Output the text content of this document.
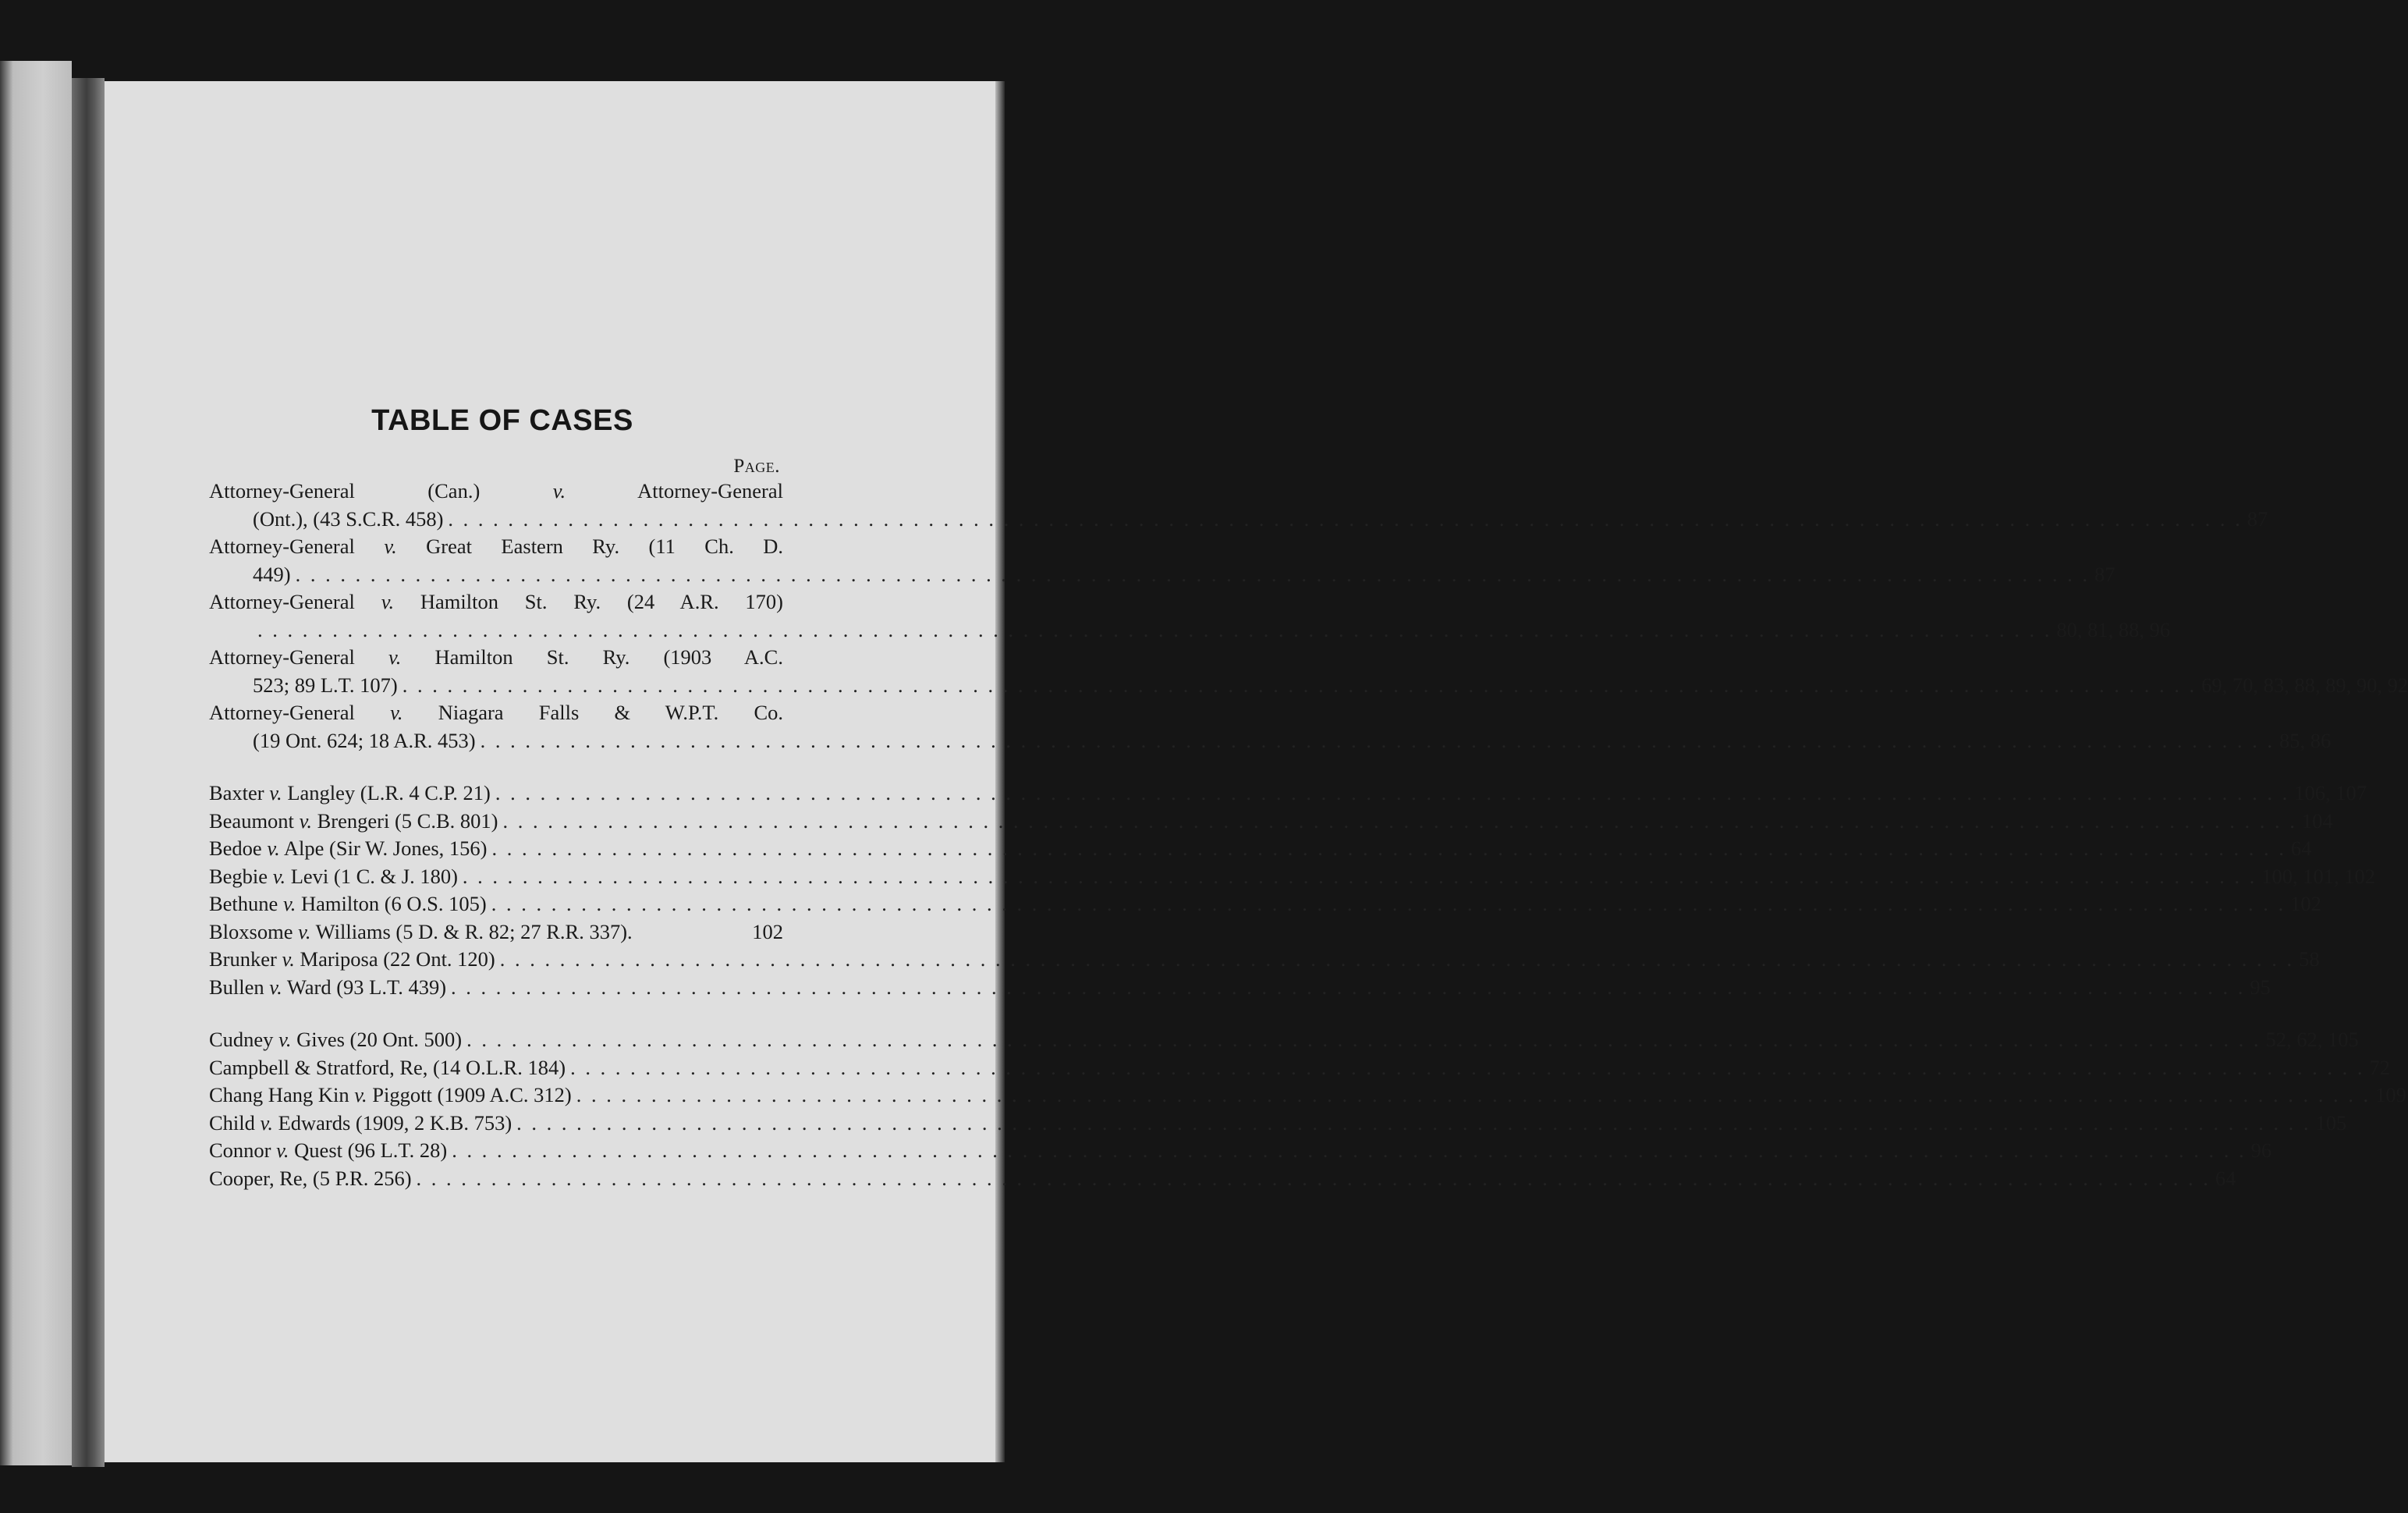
TABLE OF CASES
Page.
Attorney-General (Can.) v. Attorney-General
(Ont.), (43 S.C.R. 458) . . . . . . . . . . . . . . . . . . . . . . . . . . . . . . . . . . . . . . . . . . . . . . . . . . . . . . . . . . . . . . . . . . . . . . . . . . . . . . . . . . . . . . . . . . . . . . . . . . . . . . . . . . . . . . . . . . . . . . . . 87
Attorney-General v. Great Eastern Ry. (11 Ch. D.
449) . . . . . . . . . . . . . . . . . . . . . . . . . . . . . . . . . . . . . . . . . . . . . . . . . . . . . . . . . . . . . . . . . . . . . . . . . . . . . . . . . . . . . . . . . . . . . . . . . . . . . . . . . . . . . . . . . . . . . . . . 87
Attorney-General v. Hamilton St. Ry. (24 A.R. 170)
. . . . . . . . . . . . . . . . . . . . . . . . . . . . . . . . . . . . . . . . . . . . . . . . . . . . . . . . . . . . . . . . . . . . . . . . . . . . . . . . . . . . . . . . . . . . . . . . . . . . . . . . . . . . . . . . . . . . . . . . 80, 81, 88, 96
Attorney-General v. Hamilton St. Ry. (1903 A.C.
523; 89 L.T. 107) . . . . . . . . . . . . . . . . . . . . . . . . . . . . . . . . . . . . . . . . . . . . . . . . . . . . . . . . . . . . . . . . . . . . . . . . . . . . . . . . . . . . . . . . . . . . . . . . . . . . . . . . . . . . . . . . . . . . . . . . 69, 70, 83, 88, 89, 90, 92
Attorney-General v. Niagara Falls & W.P.T. Co.
(19 Ont. 624; 18 A.R. 453) . . . . . . . . . . . . . . . . . . . . . . . . . . . . . . . . . . . . . . . . . . . . . . . . . . . . . . . . . . . . . . . . . . . . . . . . . . . . . . . . . . . . . . . . . . . . . . . . . . . . . . . . . . . . . . . . . . . . . . . . 85, 86
Baxter v. Langley (L.R. 4 C.P. 21) . . . . . . . . . . . . . . . . . . . . . . . . . . . . . . . . . . . . . . . . . . . . . . . . . . . . . . . . . . . . . . . . . . . . . . . . . . . . . . . . . . . . . . . . . . . . . . . . . . . . . . . . . . . . . . . . . . . . . . . . 106, 107
Beaumont v. Brengeri (5 C.B. 801) . . . . . . . . . . . . . . . . . . . . . . . . . . . . . . . . . . . . . . . . . . . . . . . . . . . . . . . . . . . . . . . . . . . . . . . . . . . . . . . . . . . . . . . . . . . . . . . . . . . . . . . . . . . . . . . . . . . . . . . . 104
Bedoe v. Alpe (Sir W. Jones, 156) . . . . . . . . . . . . . . . . . . . . . . . . . . . . . . . . . . . . . . . . . . . . . . . . . . . . . . . . . . . . . . . . . . . . . . . . . . . . . . . . . . . . . . . . . . . . . . . . . . . . . . . . . . . . . . . . . . . . . . . . 64
Begbie v. Levi (1 C. & J. 180) . . . . . . . . . . . . . . . . . . . . . . . . . . . . . . . . . . . . . . . . . . . . . . . . . . . . . . . . . . . . . . . . . . . . . . . . . . . . . . . . . . . . . . . . . . . . . . . . . . . . . . . . . . . . . . . . . . . . . . . . 100, 101, 102
Bethune v. Hamilton (6 O.S. 105) . . . . . . . . . . . . . . . . . . . . . . . . . . . . . . . . . . . . . . . . . . . . . . . . . . . . . . . . . . . . . . . . . . . . . . . . . . . . . . . . . . . . . . . . . . . . . . . . . . . . . . . . . . . . . . . . . . . . . . . . 102
Bloxsome v. Williams (5 D. & R. 82; 27 R.R. 337).	102
Brunker v. Mariposa (22 Ont. 120) . . . . . . . . . . . . . . . . . . . . . . . . . . . . . . . . . . . . . . . . . . . . . . . . . . . . . . . . . . . . . . . . . . . . . . . . . . . . . . . . . . . . . . . . . . . . . . . . . . . . . . . . . . . . . . . . . . . . . . . . 58
Bullen v. Ward (93 L.T. 439) . . . . . . . . . . . . . . . . . . . . . . . . . . . . . . . . . . . . . . . . . . . . . . . . . . . . . . . . . . . . . . . . . . . . . . . . . . . . . . . . . . . . . . . . . . . . . . . . . . . . . . . . . . . . . . . . . . . . . . . . 95
Cudney v. Gives (20 Ont. 500) . . . . . . . . . . . . . . . . . . . . . . . . . . . . . . . . . . . . . . . . . . . . . . . . . . . . . . . . . . . . . . . . . . . . . . . . . . . . . . . . . . . . . . . . . . . . . . . . . . . . . . . . . . . . . . . . . . . . . . . . 52, 62, 105
Campbell & Stratford, Re, (14 O.L.R. 184) . . . . . . . . . . . . . . . . . . . . . . . . . . . . . . . . . . . . . . . . . . . . . . . . . . . . . . . . . . . . . . . . . . . . . . . . . . . . . . . . . . . . . . . . . . . . . . . . . . . . . . . . . . . . . . . . . . . . . . . . 72
Chang Hang Kin v. Piggott (1909 A.C. 312) . . . . . . . . . . . . . . . . . . . . . . . . . . . . . . . . . . . . . . . . . . . . . . . . . . . . . . . . . . . . . . . . . . . . . . . . . . . . . . . . . . . . . . . . . . . . . . . . . . . . . . . . . . . . . . . . . . . . . . . . 109
Child v. Edwards (1909, 2 K.B. 753) . . . . . . . . . . . . . . . . . . . . . . . . . . . . . . . . . . . . . . . . . . . . . . . . . . . . . . . . . . . . . . . . . . . . . . . . . . . . . . . . . . . . . . . . . . . . . . . . . . . . . . . . . . . . . . . . . . . . . . . . 105
Connor v. Quest (96 L.T. 28) . . . . . . . . . . . . . . . . . . . . . . . . . . . . . . . . . . . . . . . . . . . . . . . . . . . . . . . . . . . . . . . . . . . . . . . . . . . . . . . . . . . . . . . . . . . . . . . . . . . . . . . . . . . . . . . . . . . . . . . . 96
Cooper, Re, (5 P.R. 256) . . . . . . . . . . . . . . . . . . . . . . . . . . . . . . . . . . . . . . . . . . . . . . . . . . . . . . . . . . . . . . . . . . . . . . . . . . . . . . . . . . . . . . . . . . . . . . . . . . . . . . . . . . . . . . . . . . . . . . . . 64
